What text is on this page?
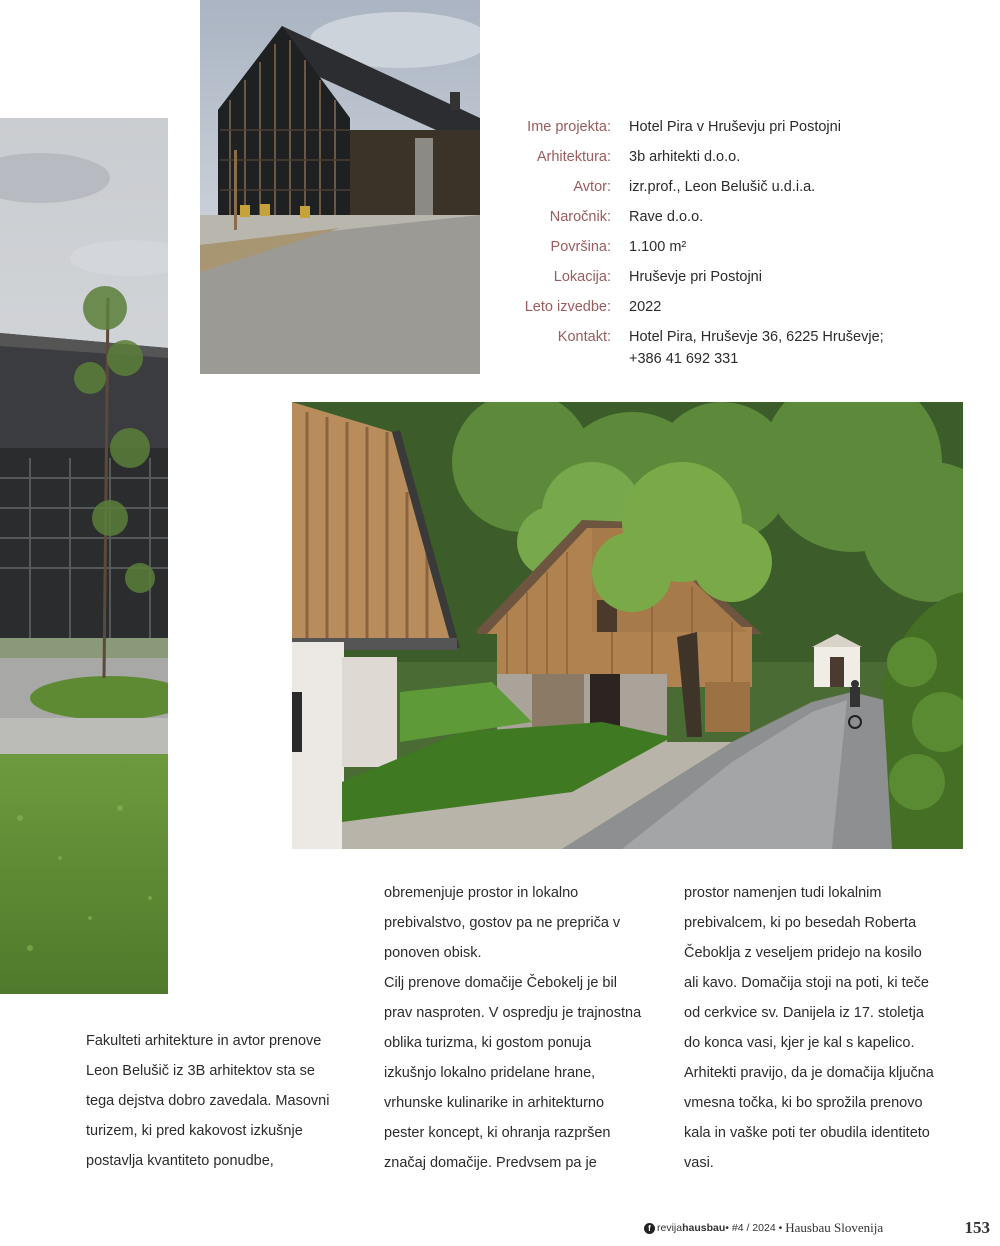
Ime projekta:	Hotel Pira v Hruševju pri Postojni
Arhitektura:	3b arhitekti d.o.o.
Avtor:	izr.prof., Leon Belušič u.d.i.a.
Naročnik:	Rave d.o.o.
Površina:	1.100 m²
Lokacija:	Hruševje pri Postojni
Leto izvedbe:	2022
Kontakt:	Hotel Pira, Hruševje 36, 6225 Hruševje;
+386 41 692 331

Fakulteti arhitekture in avtor prenove

Leon Belušič iz 3B arhitektov sta se

tega dejstva dobro zavedala. Masovni

turizem, ki pred kakovost izkušnje

postavlja kvantiteto ponudbe,

obremenjuje prostor in lokalno

prebivalstvo, gostov pa ne prepriča v

ponoven obisk.

Cilj prenove domačije Čebokelj je bil

prav nasproten. V ospredju je trajnostna

oblika turizma, ki gostom ponuja

izkušnjo lokalno pridelane hrane,

vrhunske kulinarike in arhitekturno

pester koncept, ki ohranja razpršen

značaj domačije. Predvsem pa je

prostor namenjen tudi lokalnim

prebivalcem, ki po besedah Roberta

Čeboklja z veseljem pridejo na kosilo

ali kavo. Domačija stoji na poti, ki teče

od cerkvice sv. Danijela iz 17. stoletja

do konca vasi, kjer je kal s kapelico.

Arhitekti pravijo, da je domačija ključna

vmesna točka, ki bo sprožila prenovo

kala in vaške poti ter obudila identiteto

vasi.

f revija hausbau • #4 / 2024 • Hausbau Slovenija	153
